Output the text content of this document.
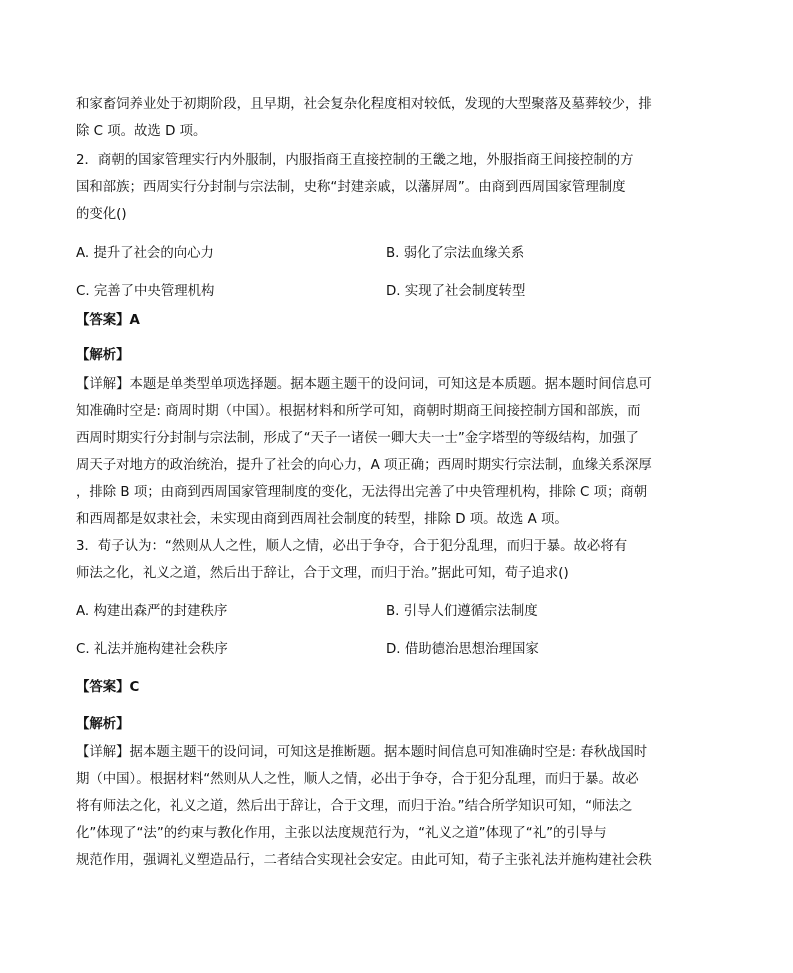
和家畜饲养业处于初期阶段，且早期，社会复杂化程度相对较低，发现的大型聚落及墓葬较少，排
除 C 项。故选 D 项。
2．商朝的国家管理实行内外服制，内服指商王直接控制的王畿之地，外服指商王间接控制的方
国和部族；西周实行分封制与宗法制，史称“封建亲戚，以藩屏周”。由商到西周国家管理制度
的变化()
A. 提升了社会的向心力	B. 弱化了宗法血缘关系
C. 完善了中央管理机构	D. 实现了社会制度转型
【答案】A
【解析】
【详解】本题是单类型单项选择题。据本题主题干的设问词，可知这是本质题。据本题时间信息可
知准确时空是: 商周时期（中国）。根据材料和所学可知，商朝时期商王间接控制方国和部族，而
西周时期实行分封制与宗法制，形成了“天子一诸侯一卿大夫一士”金字塔型的等级结构，加强了
周天子对地方的政治统治，提升了社会的向心力，A 项正确；西周时期实行宗法制，血缘关系深厚
，排除 B 项；由商到西周国家管理制度的变化，无法得出完善了中央管理机构，排除 C 项；商朝
和西周都是奴隶社会，未实现由商到西周社会制度的转型，排除 D 项。故选 A 项。
3．荀子认为：“然则从人之性，顺人之情，必出于争夺，合于犯分乱理，而归于暴。故必将有
师法之化，礼义之道，然后出于辞让，合于文理，而归于治。”据此可知，荀子追求()
A. 构建出森严的封建秩序	B. 引导人们遵循宗法制度
C. 礼法并施构建社会秩序	D. 借助德治思想治理国家
【答案】C
【解析】
【详解】据本题主题干的设问词，可知这是推断题。据本题时间信息可知准确时空是: 春秋战国时
期（中国）。根据材料“然则从人之性，顺人之情，必出于争夺，合于犯分乱理，而归于暴。故必
将有师法之化，礼义之道，然后出于辞让，合于文理，而归于治。”结合所学知识可知，“师法之
化”体现了“法”的约束与教化作用，主张以法度规范行为，“礼义之道”体现了“礼”的引导与
规范作用，强调礼义塑造品行，二者结合实现社会安定。由此可知，荀子主张礼法并施构建社会秩
